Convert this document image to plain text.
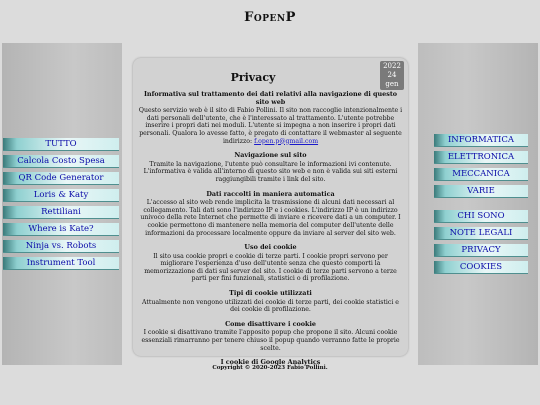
FOPENP
TUTTO
Calcola Costo Spesa
QR Code Generator
Loris & Katy
Rettiliani
Where is Kate?
Ninja vs. Robots
Instrument Tool
INFORMATICA
ELETTRONICA
MECCANICA
VARIE
CHI SONO
NOTE LEGALI
PRIVACY
COOKIES
Privacy
2022
24 gen
Informativa sul trattamento dei dati relativi alla navigazione di questo sito web

Questo servizio web è il sito di Fabio Pollini. Il sito non raccoglie intenzionalmente i dati personali dell'utente, che è l'interessato al trattamento. L'utente potrebbe inserire i propri dati nei moduli. L'utente si impegna a non inserire i propri dati personali. Qualora lo avesse fatto, è pregato di contattare il webmaster al seguente indirizzo: f.open.p@gmail.com

Navigazione sul sito

Tramite la navigazione, l'utente può consultare le informazioni ivi contenute. L'informativa è valida all'interno di questo sito web e non è valida sui siti esterni raggiungibili tramite i link del sito.

Dati raccolti in maniera automatica

L'accesso al sito web rende implicita la trasmissione di alcuni dati necessari al collegamento. Tali dati sono l'indirizzo IP e i cookies. L'indirizzo IP è un indirizzo univoco della rete Internet che permette di inviare e ricevere dati a un computer. I cookie permettono di mantenere nella memoria del computer dell'utente delle informazioni da processare localmente oppure da inviare al server del sito web.

Uso dei cookie

Il sito usa cookie propri e cookie di terze parti. I cookie propri servono per migliorare l'esperienza d'uso dell'utente senza che questo comporti la memorizzazione di dati sul server del sito. I cookie di terze parti servono a terze parti per fini funzionali, statistici o di profilazione.

Tipi di cookie utilizzati

Attualmente non vengono utilizzati dei cookie di terze parti, dei cookie statistici e dei cookie di profilazione.

Come disattivare i cookie

I cookie si disattivano tramite l'apposito popup che propone il sito. Alcuni cookie essenziali rimarranno per tenere chiuso il popup quando verranno fatte le proprie scelte.

I cookie di Google Analytics
Copyright © 2020-2023 Fabio Pollini.
